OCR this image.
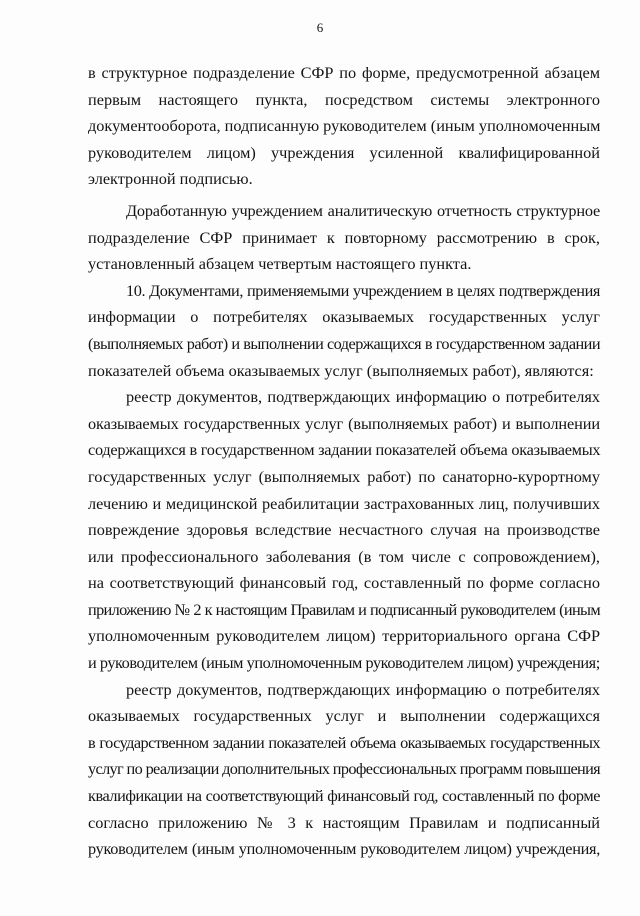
6

в структурное подразделение СФР по форме, предусмотренной абзацем
первым настоящего пункта, посредством системы электронного
документооборота, подписанную руководителем (иным уполномоченным
руководителем лицом) учреждения усиленной квалифицированной
электронной подписью.

Доработанную учреждением аналитическую отчетность структурное
подразделение СФР принимает к повторному рассмотрению в срок,
установленный абзацем четвертым настоящего пункта.

10. Документами, применяемыми учреждением в целях подтверждения
информации о потребителях оказываемых государственных услуг
(выполняемых работ) и выполнении содержащихся в государственном задании
показателей объема оказываемых услуг (выполняемых работ), являются:

реестр документов, подтверждающих информацию о потребителях
оказываемых государственных услуг (выполняемых работ) и выполнении
содержащихся в государственном задании показателей объема оказываемых
государственных услуг (выполняемых работ) по санаторно-курортному
лечению и медицинской реабилитации застрахованных лиц, получивших
повреждение здоровья вследствие несчастного случая на производстве
или профессионального заболевания (в том числе с сопровождением),
на соответствующий финансовый год, составленный по форме согласно
приложению № 2 к настоящим Правилам и подписанный руководителем (иным
уполномоченным руководителем лицом) территориального органа СФР
и руководителем (иным уполномоченным руководителем лицом) учреждения;

реестр документов, подтверждающих информацию о потребителях
оказываемых государственных услуг и выполнении содержащихся
в государственном задании показателей объема оказываемых государственных
услуг по реализации дополнительных профессиональных программ повышения
квалификации на соответствующий финансовый год, составленный по форме
согласно приложению № 3 к настоящим Правилам и подписанный
руководителем (иным уполномоченным руководителем лицом) учреждения,
